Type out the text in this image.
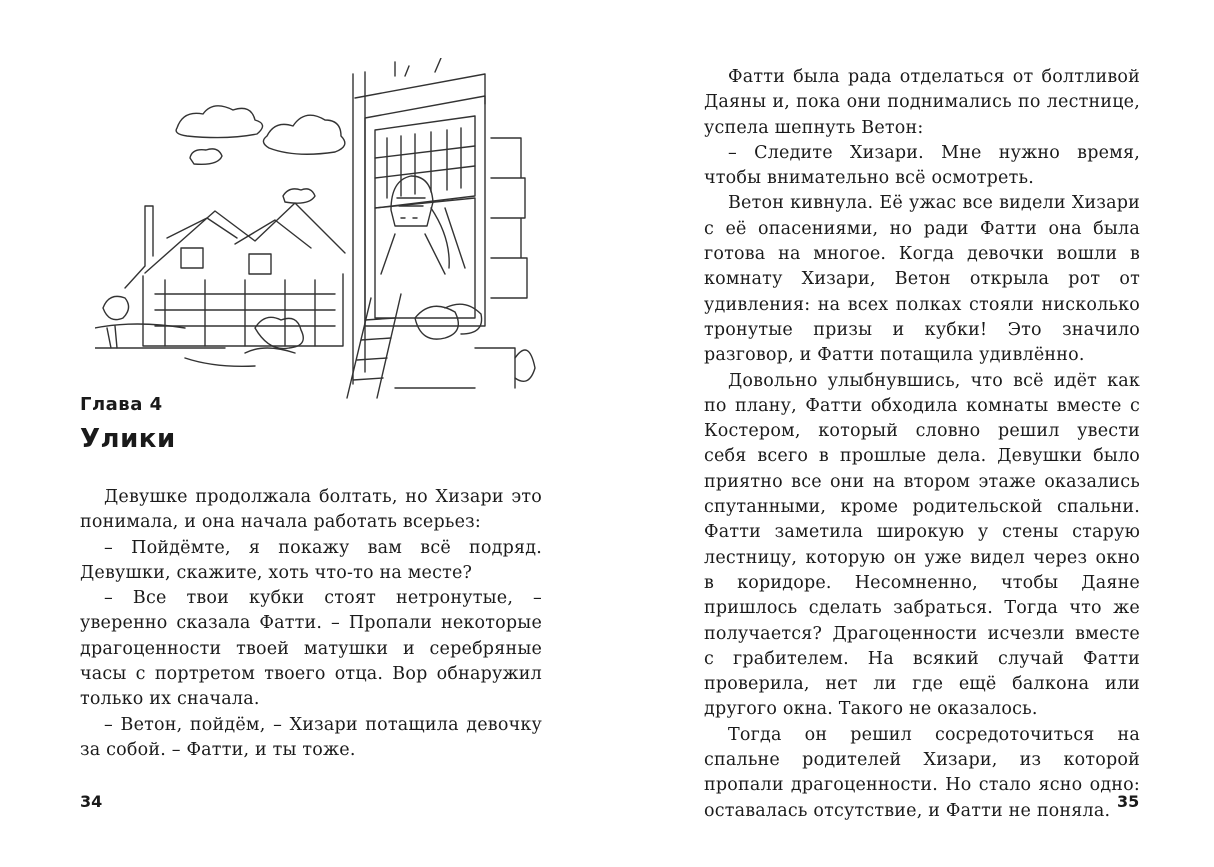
Глава 4
Улики

Девушке продолжала болтать, но Хизари это понимала, и она начала работать всерьез:

– Пойдёмте, я покажу вам всё подряд. Девушки, скажите, хоть что-то на месте?

– Все твои кубки стоят нетронутые, – уверенно сказала Фатти. – Пропали некоторые драгоценности твоей матушки и серебряные часы с портретом твоего отца. Вор обнаружил только их сначала.

– Ветон, пойдём, – Хизари потащила девочку за собой. – Фатти, и ты тоже.

34

Фатти была рада отделаться от болтливой Даяны и, пока они поднимались по лестнице, успела шепнуть Ветон:

– Следите Хизари. Мне нужно время, чтобы внимательно всё осмотреть.

Ветон кивнула. Её ужас все видели Хизари с её опасениями, но ради Фатти она была готова на многое. Когда девочки вошли в комнату Хизари, Ветон открыла рот от удивления: на всех полках стояли нисколько тронутые призы и кубки! Это значило разговор, и Фатти потащила удивлённо.

Довольно улыбнувшись, что всё идёт как по плану, Фатти обходила комнаты вместе с Костером, который словно решил увести себя всего в прошлые дела. Девушки было приятно все они на втором этаже оказались спутанными, кроме родительской спальни. Фатти заметила широкую у стены старую лестницу, которую он уже видел через окно в коридоре. Несомненно, чтобы Даяне пришлось сделать забраться. Тогда что же получается? Драгоценности исчезли вместе с грабителем. На всякий случай Фатти проверила, нет ли где ещё балкона или другого окна. Такого не оказалось.

Тогда он решил сосредоточиться на спальне родителей Хизари, из которой пропали драгоценности. Но стало ясно одно: оставалась отсутствие, и Фатти не поняла. 35
